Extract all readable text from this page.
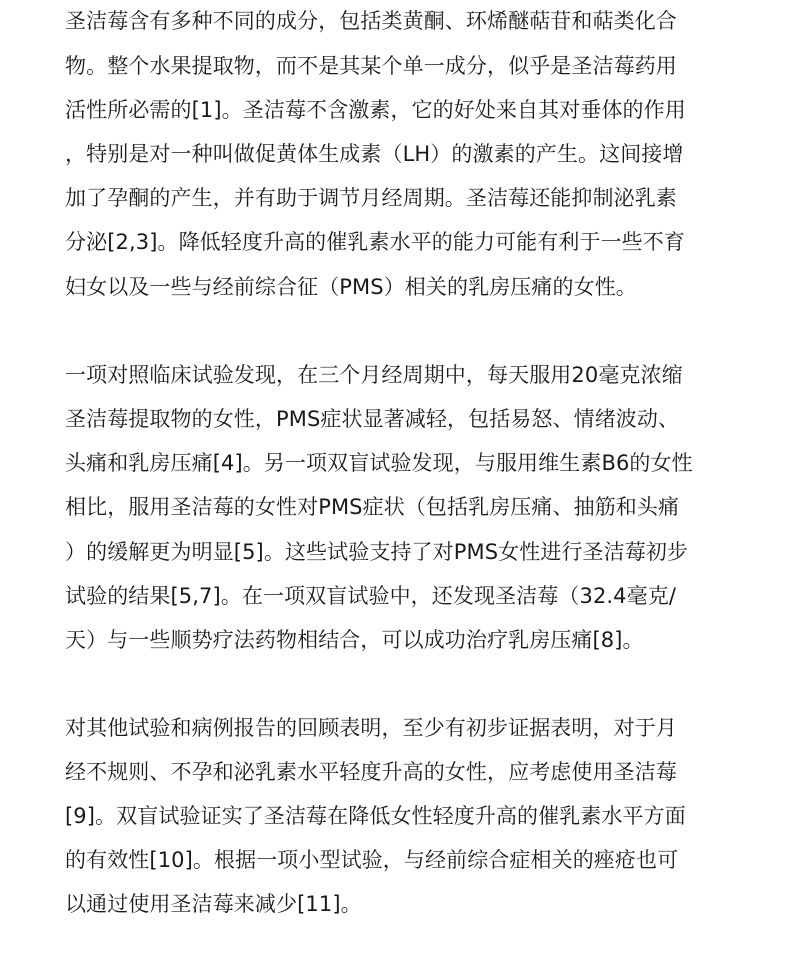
圣洁莓含有多种不同的成分，包括类黄酮、环烯醚萜苷和萜类化合
物。整个水果提取物，而不是其某个单一成分，似乎是圣洁莓药用
活性所必需的[1]。圣洁莓不含激素，它的好处来自其对垂体的作用
，特别是对一种叫做促黄体生成素（LH）的激素的产生。这间接增
加了孕酮的产生，并有助于调节月经周期。圣洁莓还能抑制泌乳素
分泌[2,3]。降低轻度升高的催乳素水平的能力可能有利于一些不育
妇女以及一些与经前综合征（PMS）相关的乳房压痛的女性。
一项对照临床试验发现，在三个月经周期中，每天服用20毫克浓缩
圣洁莓提取物的女性，PMS症状显著减轻，包括易怒、情绪波动、
头痛和乳房压痛[4]。另一项双盲试验发现，与服用维生素B6的女性
相比，服用圣洁莓的女性对PMS症状（包括乳房压痛、抽筋和头痛
）的缓解更为明显[5]。这些试验支持了对PMS女性进行圣洁莓初步
试验的结果[5,7]。在一项双盲试验中，还发现圣洁莓（32.4毫克/
天）与一些顺势疗法药物相结合，可以成功治疗乳房压痛[8]。
对其他试验和病例报告的回顾表明，至少有初步证据表明，对于月
经不规则、不孕和泌乳素水平轻度升高的女性，应考虑使用圣洁莓
[9]。双盲试验证实了圣洁莓在降低女性轻度升高的催乳素水平方面
的有效性[10]。根据一项小型试验，与经前综合症相关的痤疮也可
以通过使用圣洁莓来减少[11]。
